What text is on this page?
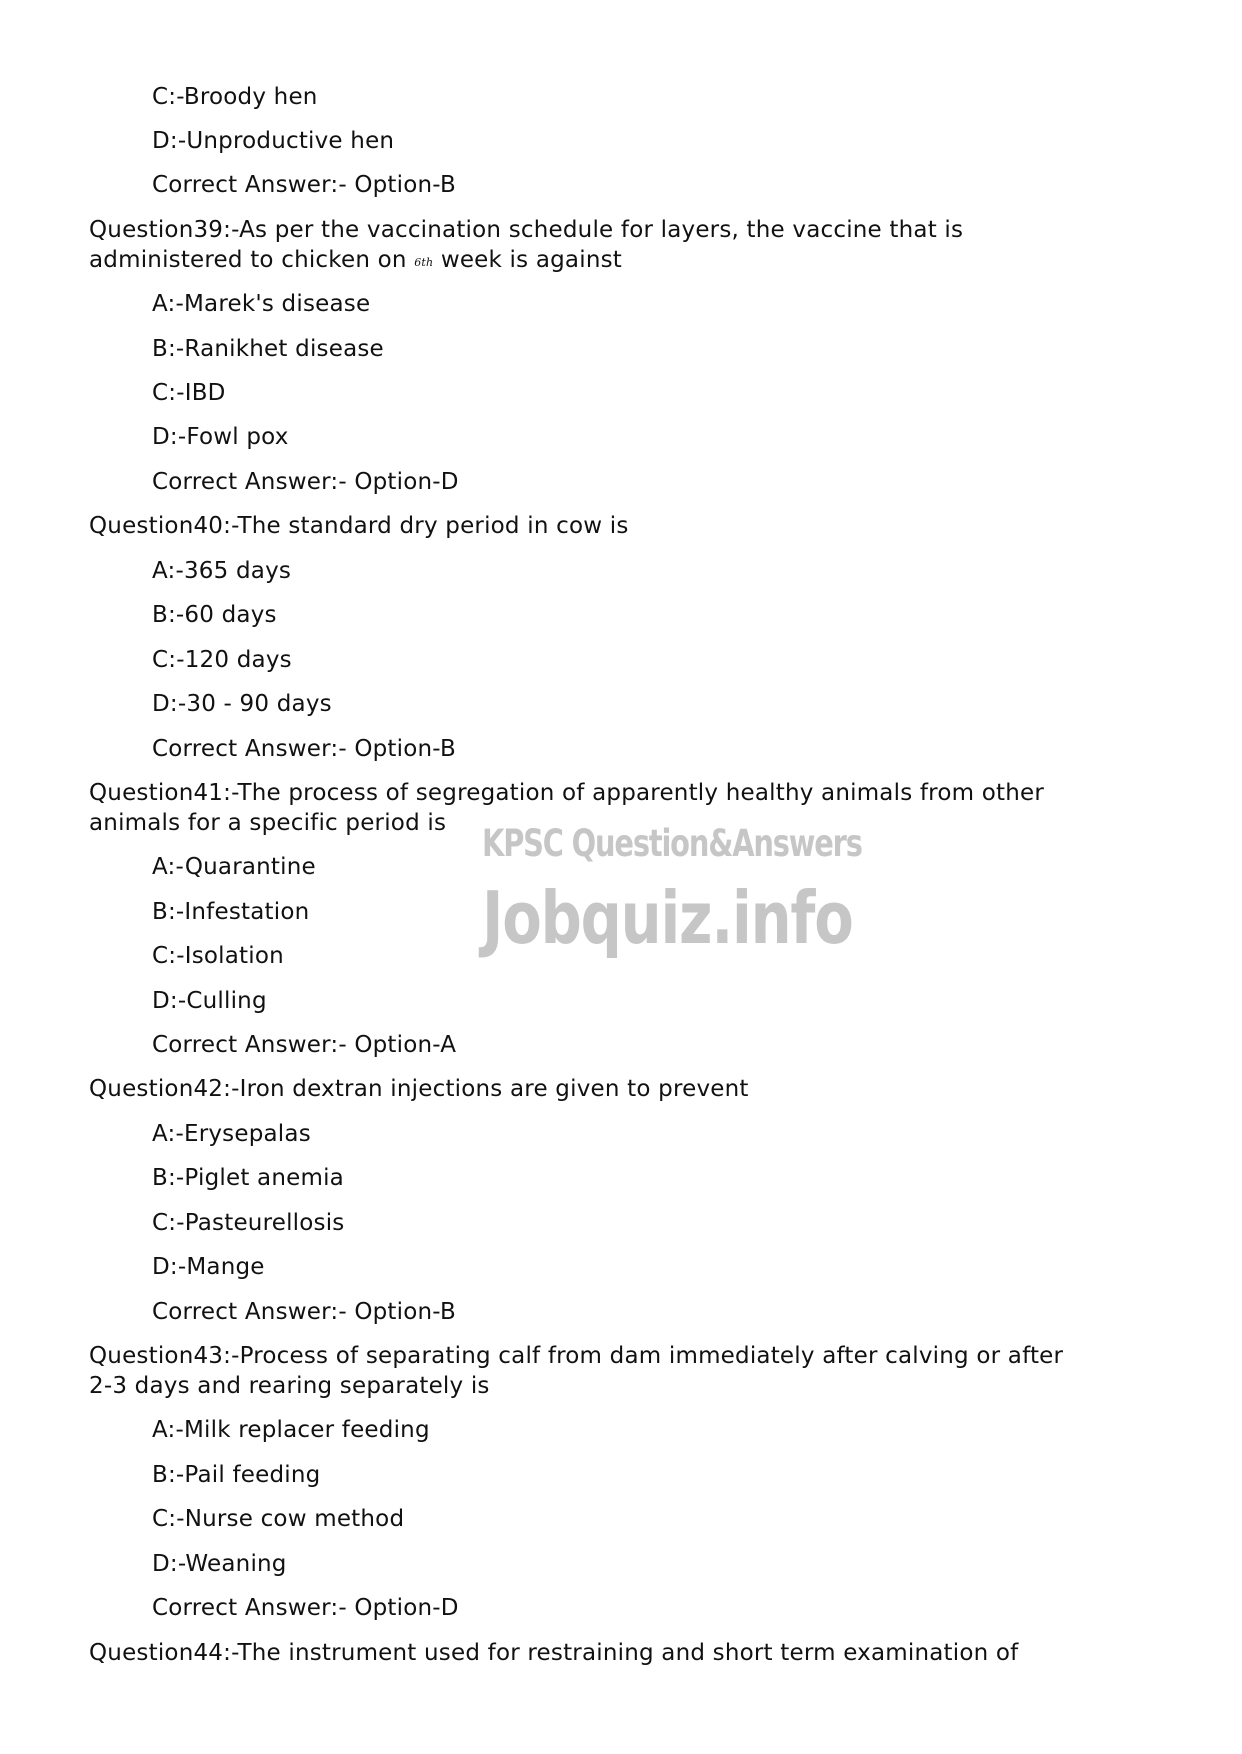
KPSC Question&Answers
Jobquiz.info
C:-Broody hen
D:-Unproductive hen
Correct Answer:- Option-B
Question39:-As per the vaccination schedule for layers, the vaccine that is
administered to chicken on $^{6th}$ week is against
A:-Marek's disease
B:-Ranikhet disease
C:-IBD
D:-Fowl pox
Correct Answer:- Option-D
Question40:-The standard dry period in cow is
A:-365 days
B:-60 days
C:-120 days
D:-30 - 90 days
Correct Answer:- Option-B
Question41:-The process of segregation of apparently healthy animals from other
animals for a specific period is
A:-Quarantine
B:-Infestation
C:-Isolation
D:-Culling
Correct Answer:- Option-A
Question42:-Iron dextran injections are given to prevent
A:-Erysepalas
B:-Piglet anemia
C:-Pasteurellosis
D:-Mange
Correct Answer:- Option-B
Question43:-Process of separating calf from dam immediately after calving or after
2-3 days and rearing separately is
A:-Milk replacer feeding
B:-Pail feeding
C:-Nurse cow method
D:-Weaning
Correct Answer:- Option-D
Question44:-The instrument used for restraining and short term examination of
